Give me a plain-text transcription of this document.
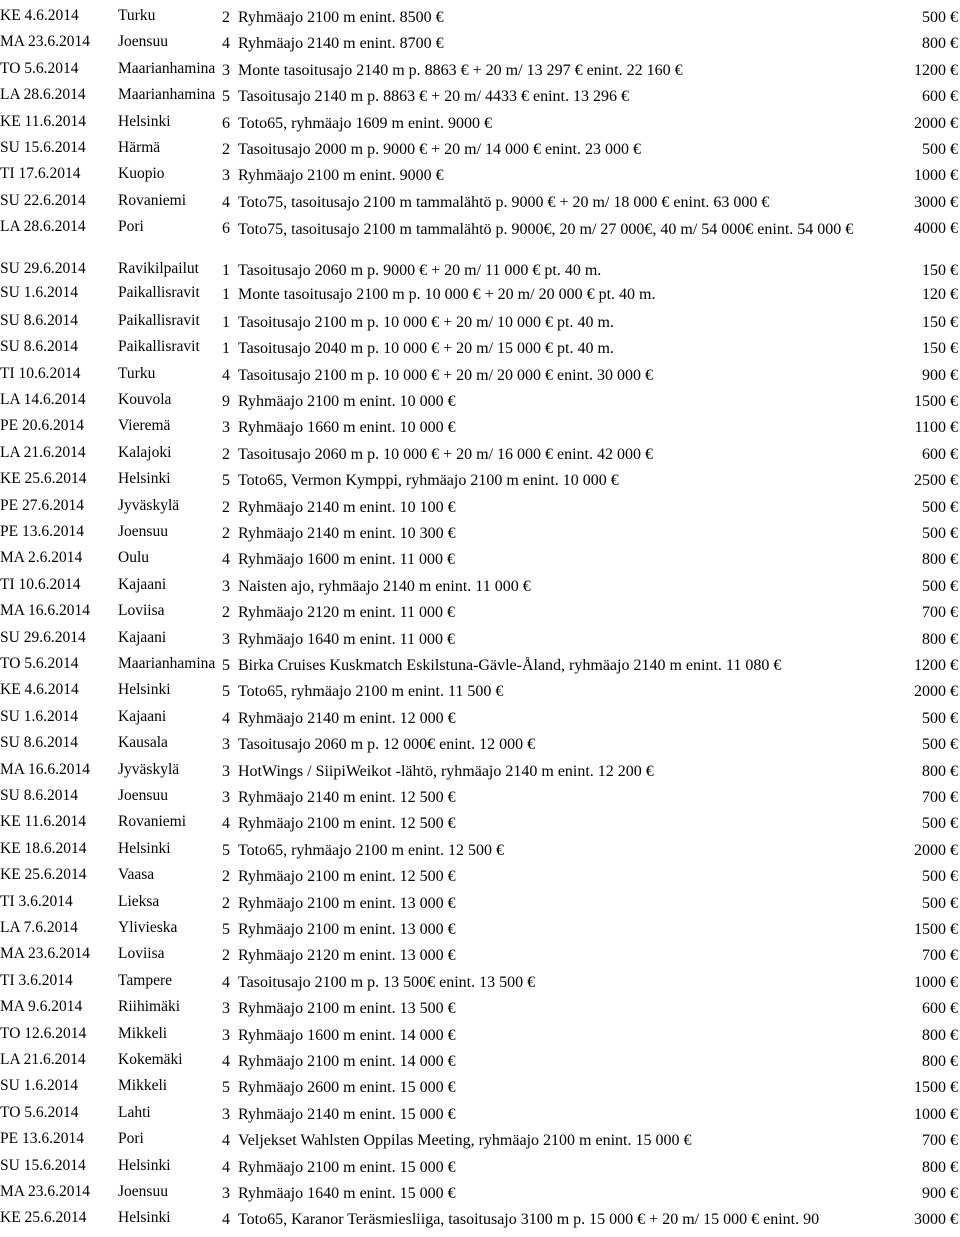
KE 4.6.2014	Turku	2 Ryhmäajo 2100 m enint. 8500 €	500 €
MA 23.6.2014 Joensuu	4 Ryhmäajo 2140 m enint. 8700 €	800 €
TO 5.6.2014	Maarianhamina 3 Monte tasoitusajo 2140 m p. 8863 € + 20 m/ 13 297 € enint. 22 160 €	1200 €
LA 28.6.2014 Maarianhamina 5 Tasoitusajo 2140 m p. 8863 € + 20 m/ 4433 € enint. 13 296 €	600 €
KE 11.6.2014 Helsinki	6 Toto65, ryhmäajo 1609 m enint. 9000 €	2000 €
SU 15.6.2014 Härmä	2 Tasoitusajo 2000 m p. 9000 € + 20 m/ 14 000 € enint. 23 000 €	500 €
TI 17.6.2014 Kuopio	3 Ryhmäajo 2100 m enint. 9000 €	1000 €
SU 22.6.2014 Rovaniemi 4 Toto75, tasoitusajo 2100 m tammalähtö p. 9000 € + 20 m/ 18 000 € enint. 63 000 €	3000 €
LA 28.6.2014 Pori	6 Toto75, tasoitusajo 2100 m tammalähtö p. 9000€, 20 m/ 27 000€, 40 m/ 54 000€ enint. 54 000 €	4000 €
SU 29.6.2014 Ravikilpailut 1 Tasoitusajo 2060 m p. 9000 € + 20 m/ 11 000 € pt. 40 m.	150 €
SU 1.6.2014	Paikallisravit 1 Monte tasoitusajo 2100 m p. 10 000 € + 20 m/ 20 000 € pt. 40 m.	120 €
SU 8.6.2014	Paikallisravit 1 Tasoitusajo 2100 m p. 10 000 € + 20 m/ 10 000 € pt. 40 m.	150 €
SU 8.6.2014	Paikallisravit 1 Tasoitusajo 2040 m p. 10 000 € + 20 m/ 15 000 € pt. 40 m.	150 €
TI 10.6.2014 Turku	4 Tasoitusajo 2100 m p. 10 000 € + 20 m/ 20 000 € enint. 30 000 €	900 €
LA 14.6.2014 Kouvola	9 Ryhmäajo 2100 m enint. 10 000 €	1500 €
PE 20.6.2014 Vieremä	3 Ryhmäajo 1660 m enint. 10 000 €	1100 €
LA 21.6.2014 Kalajoki	2 Tasoitusajo 2060 m p. 10 000 € + 20 m/ 16 000 € enint. 42 000 €	600 €
KE 25.6.2014 Helsinki	5 Toto65, Vermon Kymppi, ryhmäajo 2100 m enint. 10 000 €	2500 €
PE 27.6.2014 Jyväskylä	2 Ryhmäajo 2140 m enint. 10 100 €	500 €
PE 13.6.2014 Joensuu	2 Ryhmäajo 2140 m enint. 10 300 €	500 €
MA 2.6.2014 Oulu	4 Ryhmäajo 1600 m enint. 11 000 €	800 €
TI 10.6.2014 Kajaani	3 Naisten ajo, ryhmäajo 2140 m enint. 11 000 €	500 €
MA 16.6.2014 Loviisa	2 Ryhmäajo 2120 m enint. 11 000 €	700 €
SU 29.6.2014 Kajaani	3 Ryhmäajo 1640 m enint. 11 000 €	800 €
TO 5.6.2014	Maarianhamina 5 Birka Cruises Kuskmatch Eskilstuna-Gävle-Åland, ryhmäajo 2140 m enint. 11 080 €	1200 €
KE 4.6.2014	Helsinki	5 Toto65, ryhmäajo 2100 m enint. 11 500 €	2000 €
SU 1.6.2014	Kajaani	4 Ryhmäajo 2140 m enint. 12 000 €	500 €
SU 8.6.2014	Kausala	3 Tasoitusajo 2060 m p. 12 000€ enint. 12 000 €	500 €
MA 16.6.2014 Jyväskylä	3 HotWings / SiipiWeikot -lähtö, ryhmäajo 2140 m enint. 12 200 €	800 €
SU 8.6.2014	Joensuu	3 Ryhmäajo 2140 m enint. 12 500 €	700 €
KE 11.6.2014 Rovaniemi 4 Ryhmäajo 2100 m enint. 12 500 €	500 €
KE 18.6.2014 Helsinki	5 Toto65, ryhmäajo 2100 m enint. 12 500 €	2000 €
KE 25.6.2014 Vaasa	2 Ryhmäajo 2100 m enint. 12 500 €	500 €
TI 3.6.2014	Lieksa	2 Ryhmäajo 2100 m enint. 13 000 €	500 €
LA 7.6.2014	Ylivieska	5 Ryhmäajo 2100 m enint. 13 000 €	1500 €
MA 23.6.2014 Loviisa	2 Ryhmäajo 2120 m enint. 13 000 €	700 €
TI 3.6.2014	Tampere	4 Tasoitusajo 2100 m p. 13 500€ enint. 13 500 €	1000 €
MA 9.6.2014 Riihimäki	3 Ryhmäajo 2100 m enint. 13 500 €	600 €
TO 12.6.2014 Mikkeli	3 Ryhmäajo 1600 m enint. 14 000 €	800 €
LA 21.6.2014 Kokemäki 4 Ryhmäajo 2100 m enint. 14 000 €	800 €
SU 1.6.2014	Mikkeli	5 Ryhmäajo 2600 m enint. 15 000 €	1500 €
TO 5.6.2014	Lahti	3 Ryhmäajo 2140 m enint. 15 000 €	1000 €
PE 13.6.2014 Pori	4 Veljekset Wahlsten Oppilas Meeting, ryhmäajo 2100 m enint. 15 000 €	700 €
SU 15.6.2014 Helsinki	4 Ryhmäajo 2100 m enint. 15 000 €	800 €
MA 23.6.2014 Joensuu	3 Ryhmäajo 1640 m enint. 15 000 €	900 €
KE 25.6.2014 Helsinki	4 Toto65, Karanor Teräsmiesliiga, tasoitusajo 3100 m p. 15 000 € + 20 m/ 15 000 € enint. 90	3000 €
